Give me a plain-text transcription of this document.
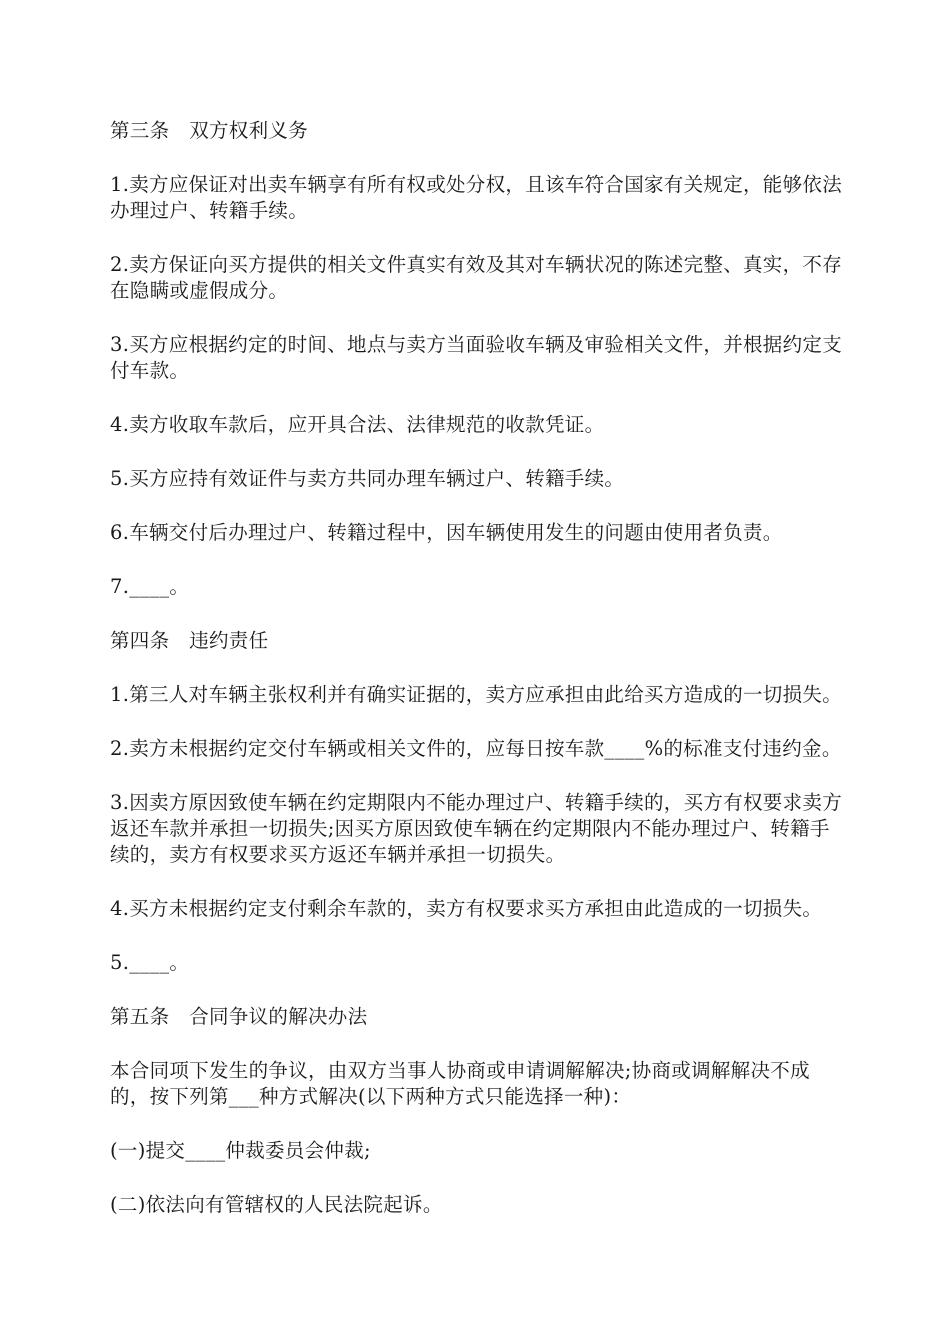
第三条　双方权利义务

1.卖方应保证对出卖车辆享有所有权或处分权，且该车符合国家有关规定，能够依法办理过户、转籍手续。

2.卖方保证向买方提供的相关文件真实有效及其对车辆状况的陈述完整、真实，不存在隐瞒或虚假成分。

3.买方应根据约定的时间、地点与卖方当面验收车辆及审验相关文件，并根据约定支付车款。

4.卖方收取车款后，应开具合法、法律规范的收款凭证。

5.买方应持有效证件与卖方共同办理车辆过户、转籍手续。

6.车辆交付后办理过户、转籍过程中，因车辆使用发生的问题由使用者负责。

7.____。

第四条　违约责任

1.第三人对车辆主张权利并有确实证据的，卖方应承担由此给买方造成的一切损失。

2.卖方未根据约定交付车辆或相关文件的，应每日按车款____%的标准支付违约金。

3.因卖方原因致使车辆在约定期限内不能办理过户、转籍手续的，买方有权要求卖方返还车款并承担一切损失;因买方原因致使车辆在约定期限内不能办理过户、转籍手续的，卖方有权要求买方返还车辆并承担一切损失。

4.买方未根据约定支付剩余车款的，卖方有权要求买方承担由此造成的一切损失。

5.____。

第五条　合同争议的解决办法

本合同项下发生的争议，由双方当事人协商或申请调解解决;协商或调解解决不成的，按下列第___种方式解决(以下两种方式只能选择一种)：

(一)提交____仲裁委员会仲裁;

(二)依法向有管辖权的人民法院起诉。
